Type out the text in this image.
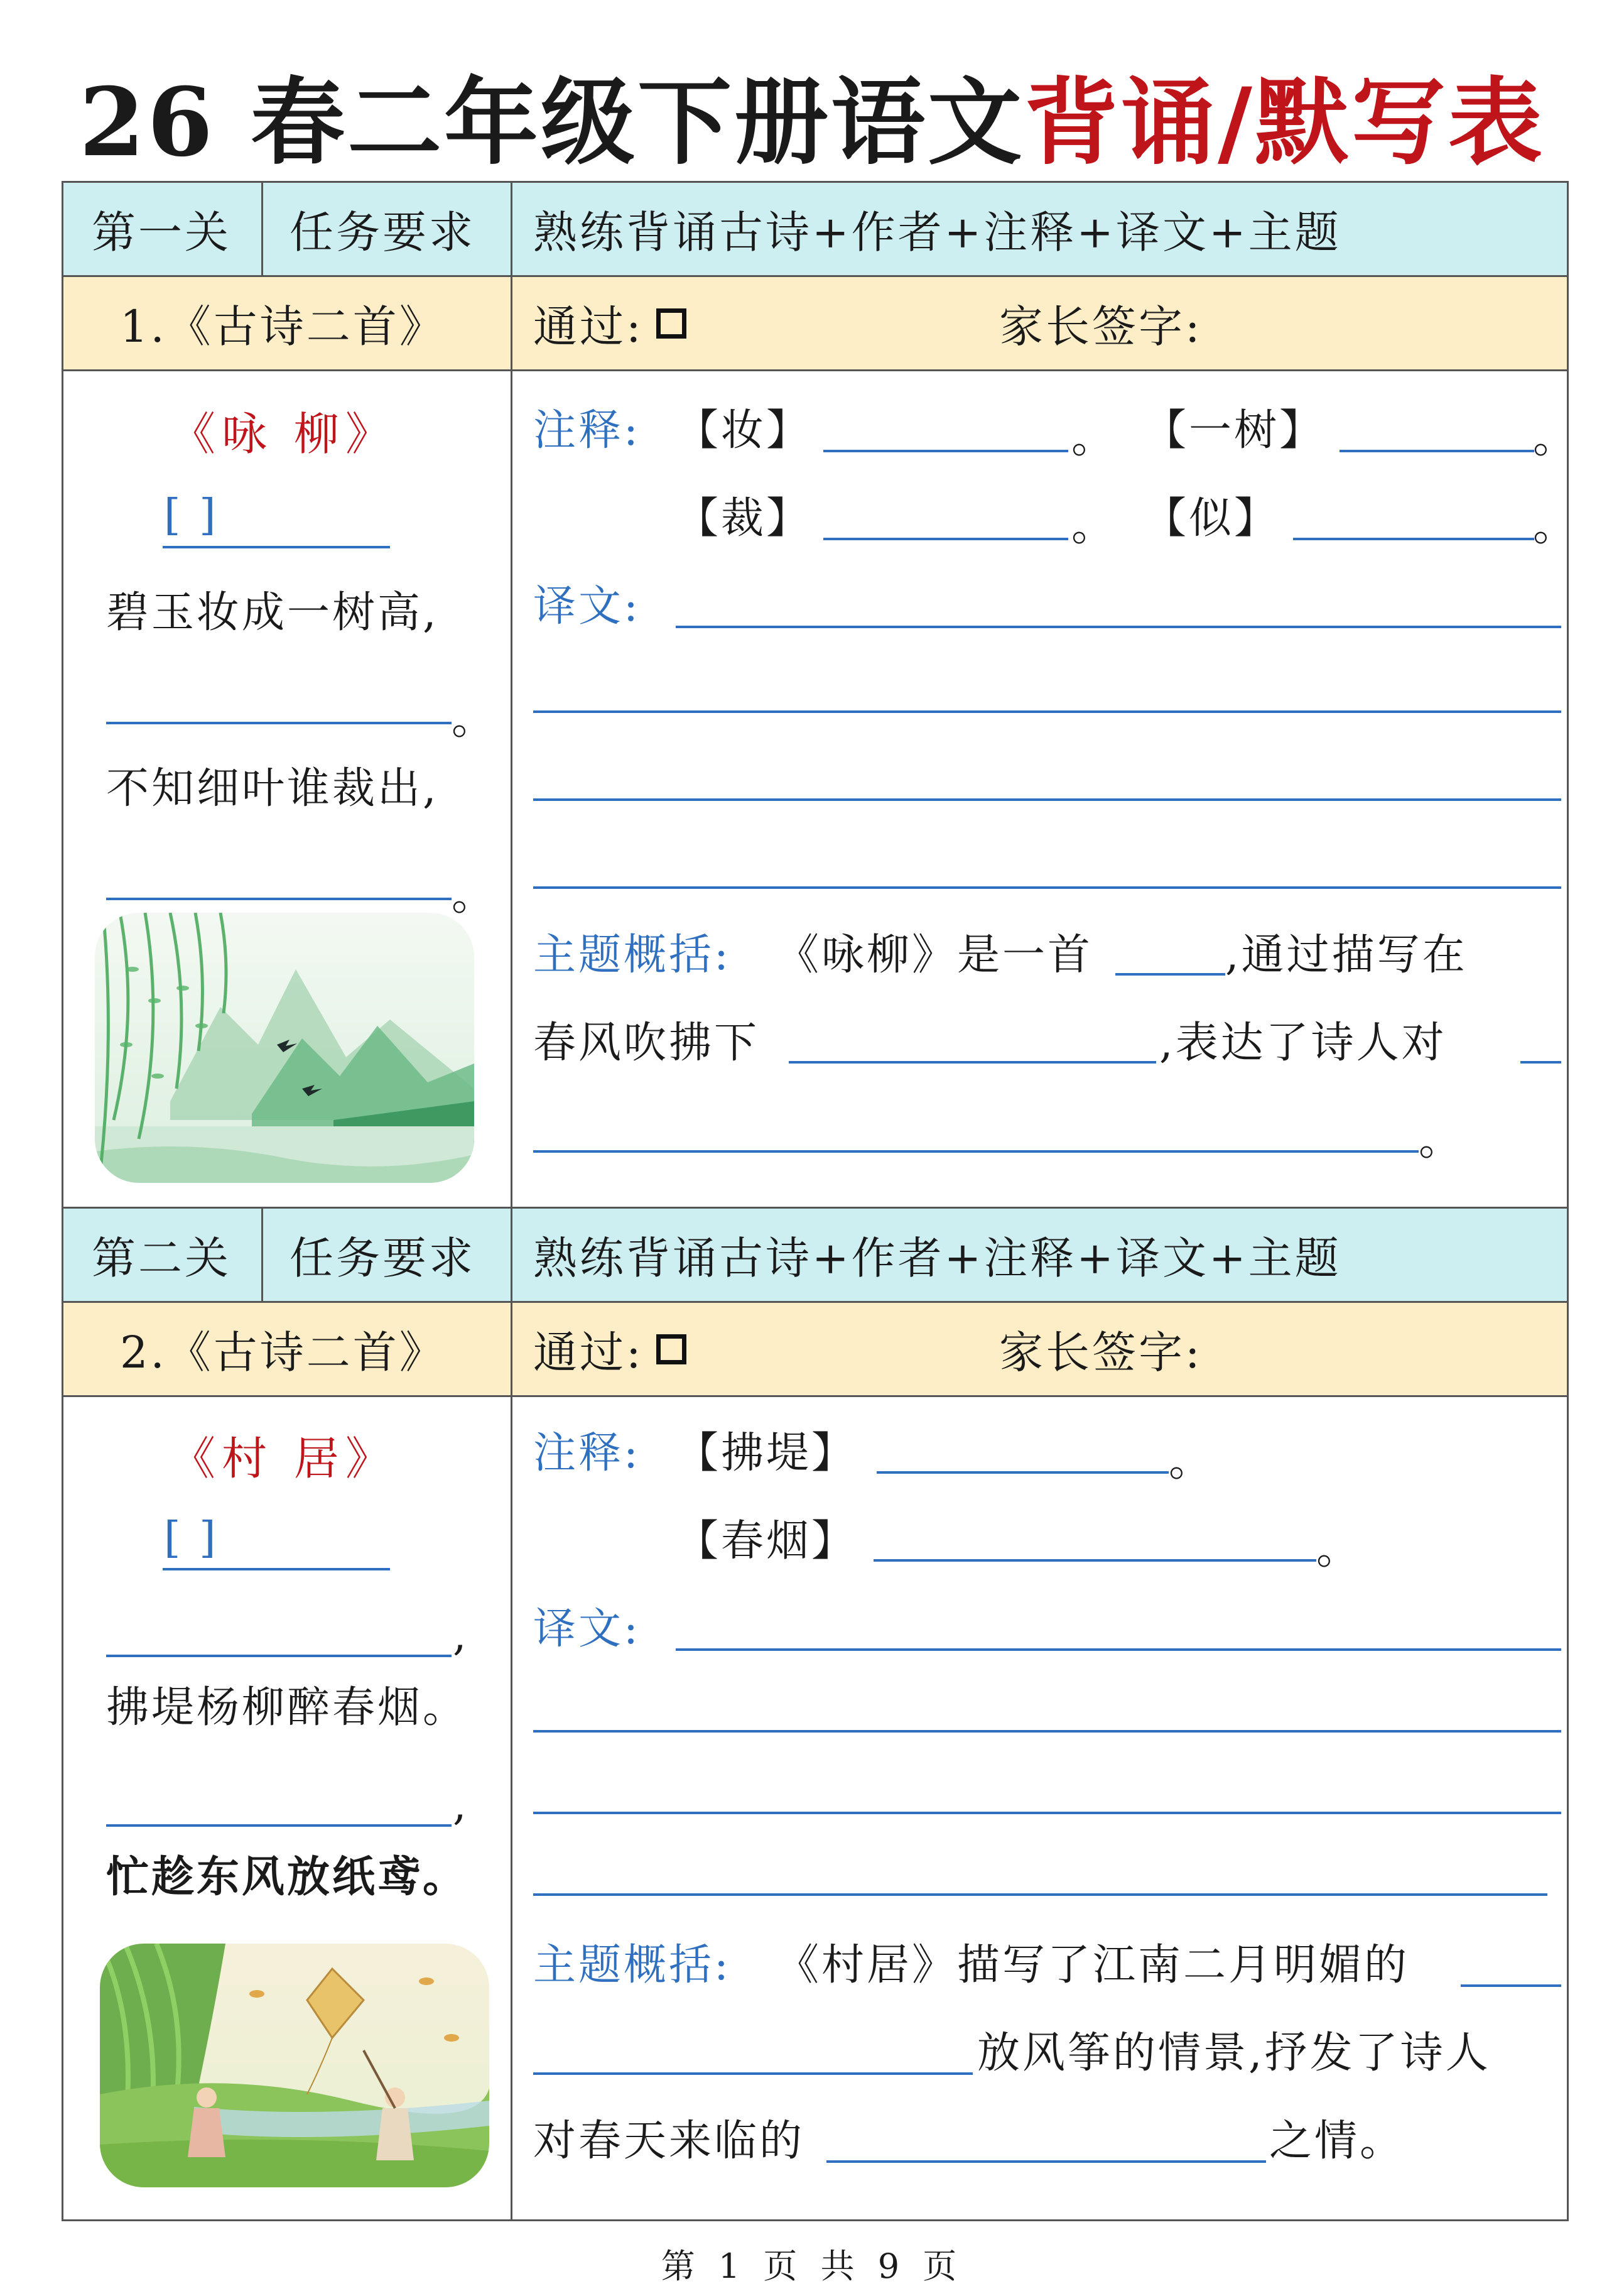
26 春二年级下册语文背诵/默写表
第一关	任务要求	熟练背诵古诗+作者+注释+译文+主题
1.《古诗二首》	通过:	家长签字:
《咏 柳》
[ ]
碧玉妆成一树高,
。
不知细叶谁裁出,
。
注释: 【妆】	。 【一树】	。
【裁】	。 【似】	。
译文:
主题概括: 《咏柳》是一首	,通过描写在
春风吹拂下	,表达了诗人对
。
第二关	任务要求	熟练背诵古诗+作者+注释+译文+主题
2.《古诗二首》	通过:	家长签字:
《村 居》
[ ]
,
拂堤杨柳醉春烟。
,
忙趁东风放纸鸢。
注释: 【拂堤】	。
【春烟】	。
译文:
主题概括: 《村居》描写了江南二月明媚的
放风筝的情景,抒发了诗人
对春天来临的	之情。
第 1 页 共 9 页
